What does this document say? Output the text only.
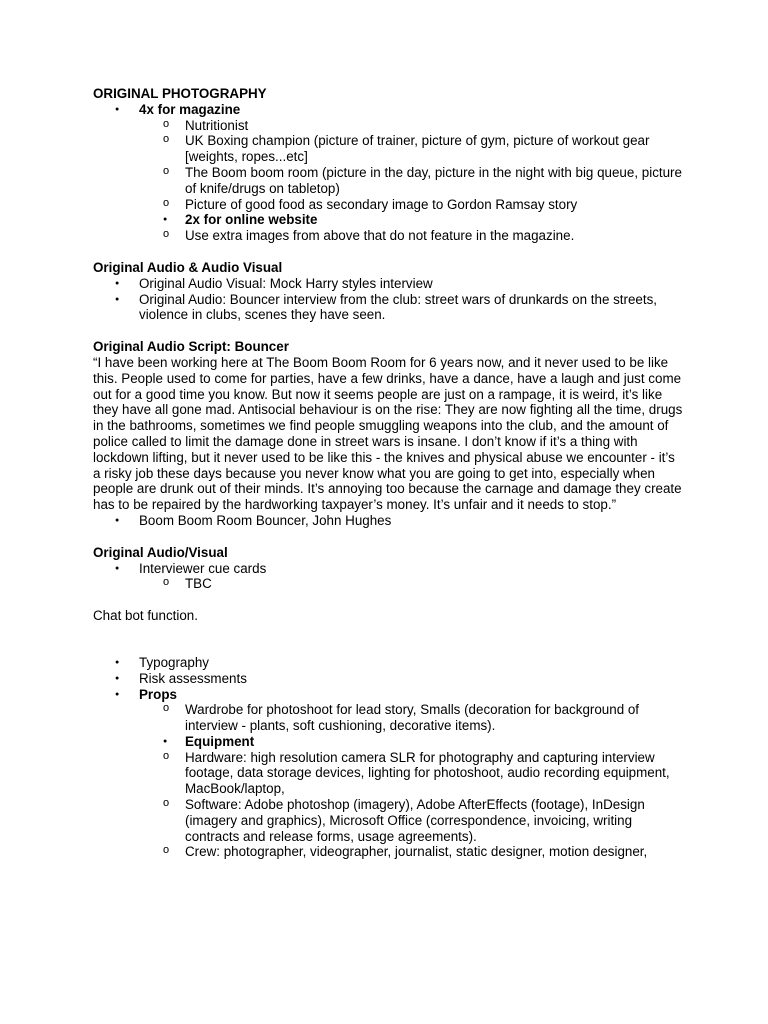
ORIGINAL PHOTOGRAPHY

● 4x for magazine
o Nutritionist
o UK Boxing champion (picture of trainer, picture of gym, picture of workout gear [weights, ropes...etc]
o The Boom boom room (picture in the day, picture in the night with big queue, picture of knife/drugs on tabletop)
o Picture of good food as secondary image to Gordon Ramsay story
● 2x for online website
o Use extra images from above that do not feature in the magazine.

Original Audio & Audio Visual

● Original Audio Visual: Mock Harry styles interview
● Original Audio: Bouncer interview from the club: street wars of drunkards on the streets, violence in clubs, scenes they have seen.

Original Audio Script: Bouncer

“I have been working here at The Boom Boom Room for 6 years now, and it never used to be like this. People used to come for parties, have a few drinks, have a dance, have a laugh and just come out for a good time you know. But now it seems people are just on a rampage, it is weird, it’s like they have all gone mad. Antisocial behaviour is on the rise: They are now fighting all the time, drugs in the bathrooms, sometimes we find people smuggling weapons into the club, and the amount of police called to limit the damage done in street wars is insane. I don’t know if it’s a thing with lockdown lifting, but it never used to be like this - the knives and physical abuse we encounter - it’s a risky job these days because you never know what you are going to get into, especially when people are drunk out of their minds. It’s annoying too because the carnage and damage they create has to be repaired by the hardworking taxpayer’s money. It’s unfair and it needs to stop.”

● Boom Boom Room Bouncer, John Hughes

Original Audio/Visual

● Interviewer cue cards
o TBC

Chat bot function.

● Typography
● Risk assessments
● Props
o Wardrobe for photoshoot for lead story, Smalls (decoration for background of interview - plants, soft cushioning, decorative items).
● Equipment
o Hardware: high resolution camera SLR for photography and capturing interview footage, data storage devices, lighting for photoshoot, audio recording equipment, MacBook/laptop,
o Software: Adobe photoshop (imagery), Adobe AfterEffects (footage), InDesign (imagery and graphics), Microsoft Office (correspondence, invoicing, writing contracts and release forms, usage agreements).
o Crew: photographer, videographer, journalist, static designer, motion designer,
